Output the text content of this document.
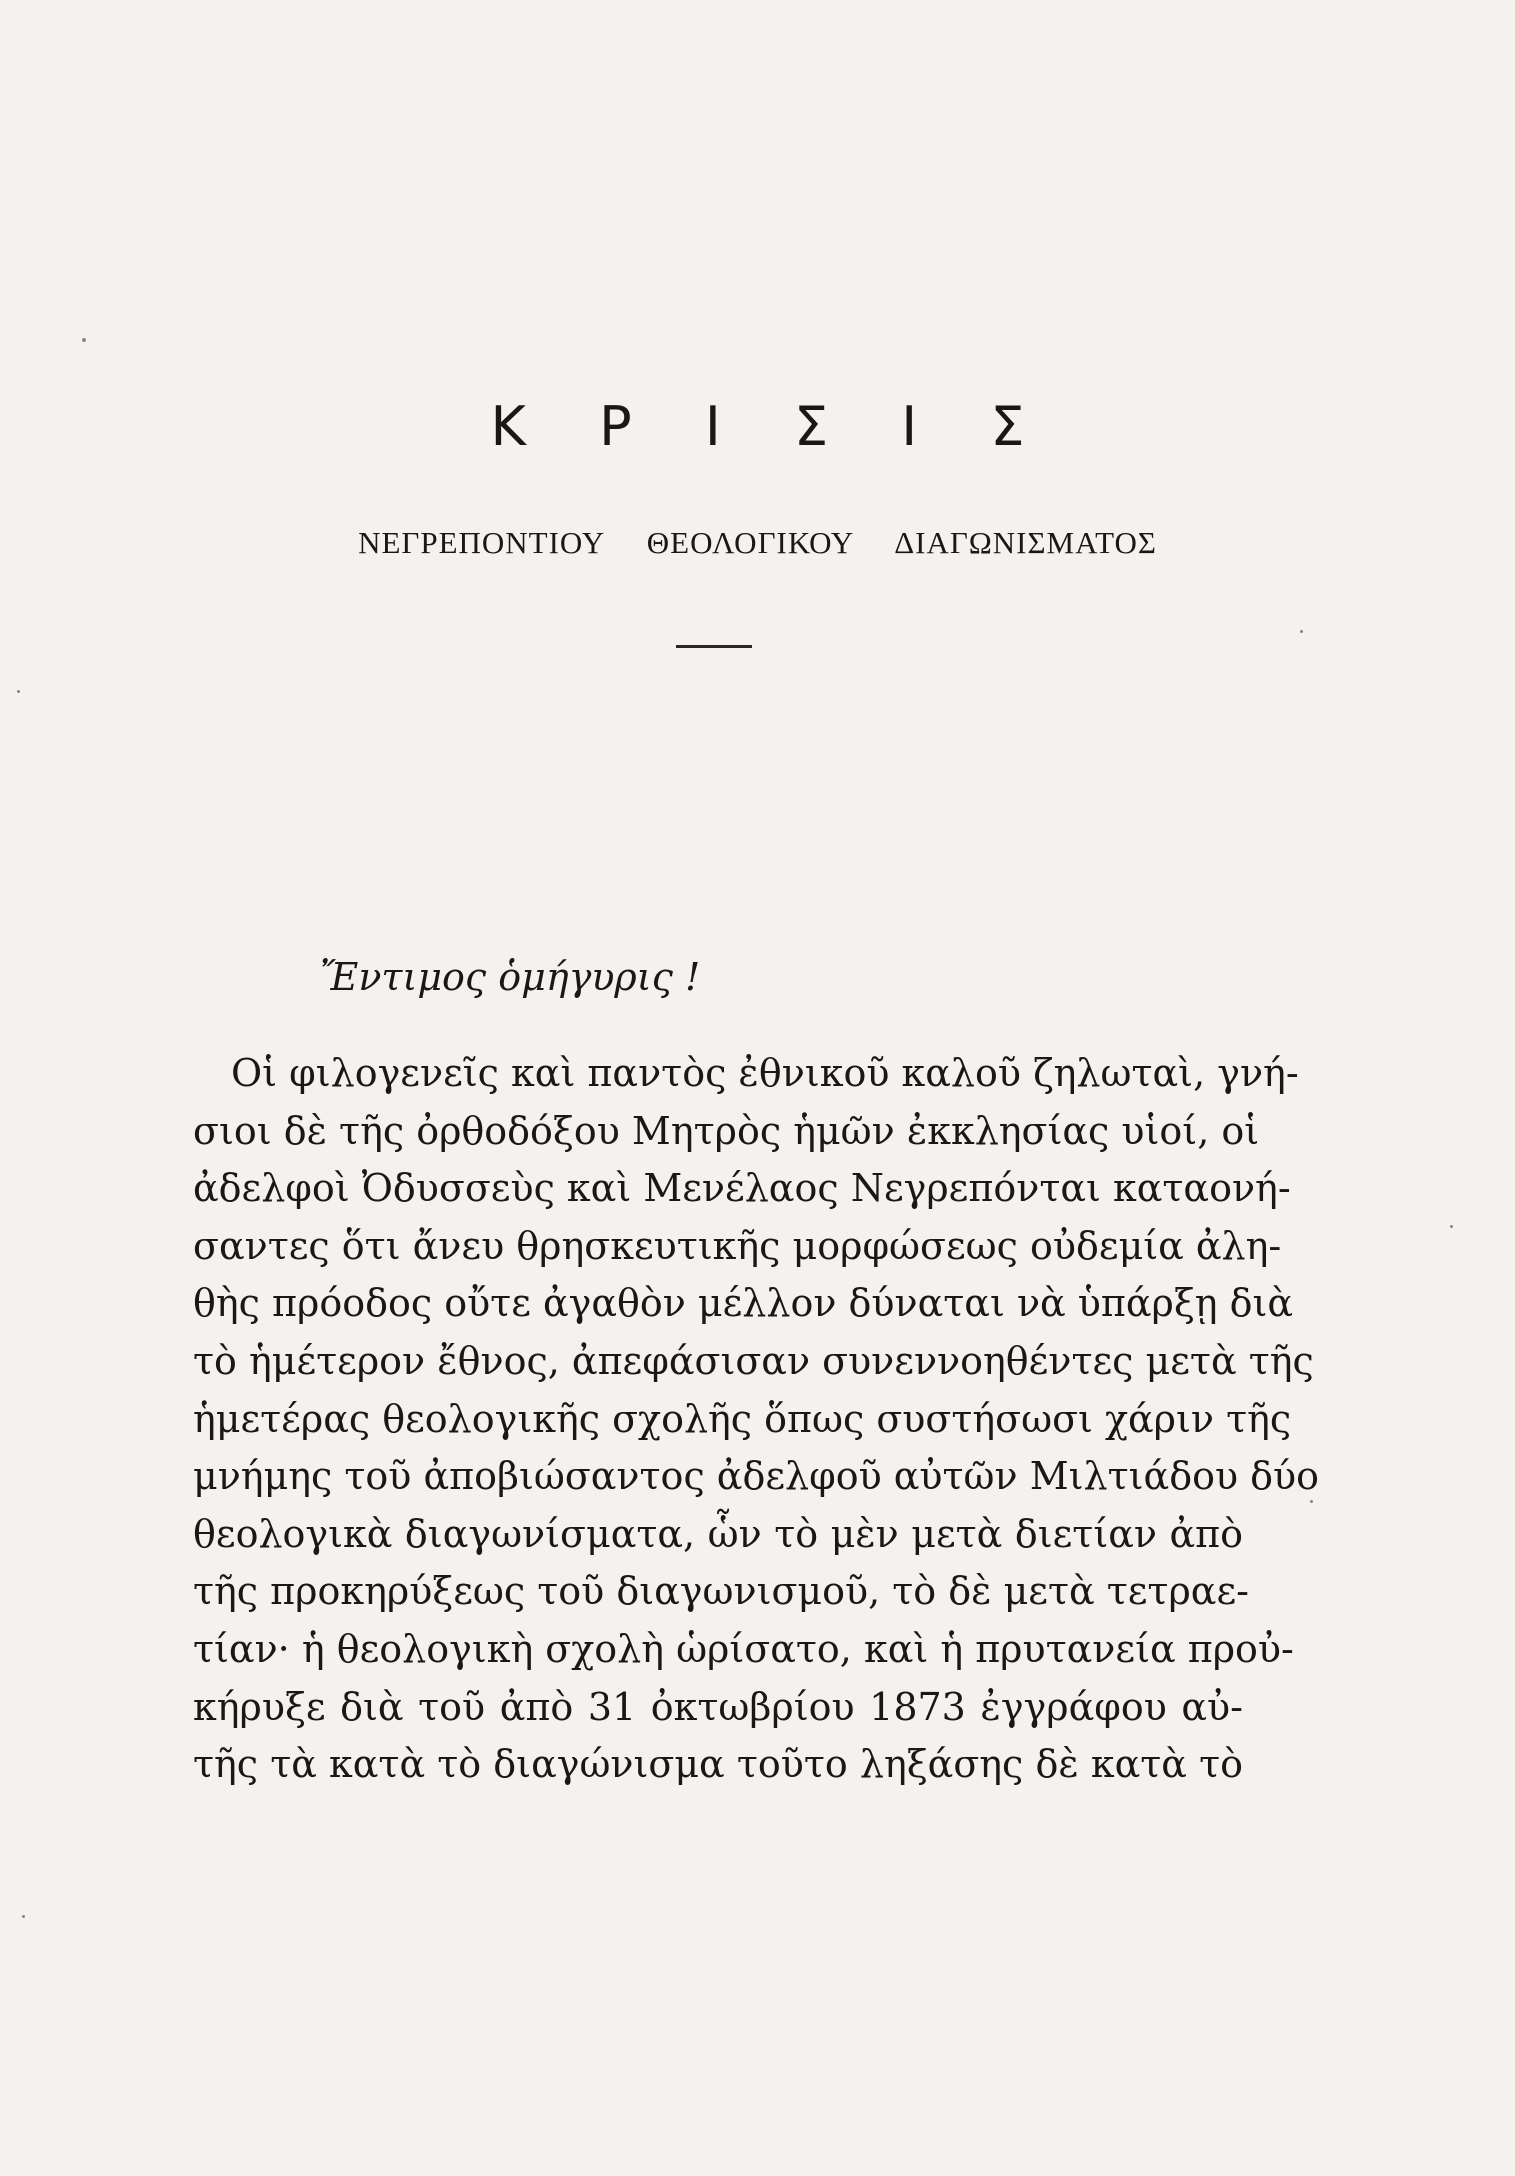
Κ Ρ Ι Σ Ι Σ
ΝΕΓΡΕΠΟΝΤΙΟΥ ΘΕΟΛΟΓΙΚΟΥ ΔΙΑΓΩΝΙΣΜΑΤΟΣ
Ἔντιμος ὁμήγυρις !
Οἱ φιλογενεῖς καὶ παντὸς ἐθνικοῦ καλοῦ ζηλωταὶ, γνή-
σιοι δὲ τῆς ὀρθοδόξου Μητρὸς ἡμῶν ἐκκλησίας υἱοί, οἱ
ἀδελφοὶ Ὀδυσσεὺς καὶ Μενέλαος Νεγρεπόνται καταονή-
σαντες ὅτι ἄνευ θρησκευτικῆς μορφώσεως οὐδεμία ἀλη-
θὴς πρόοδος οὔτε ἀγαθὸν μέλλον δύναται νὰ ὑπάρξῃ διὰ
τὸ ἡμέτερον ἔθνος, ἀπεφάσισαν συνεννοηθέντες μετὰ τῆς
ἡμετέρας θεολογικῆς σχολῆς ὅπως συστήσωσι χάριν τῆς
μνήμης τοῦ ἀποβιώσαντος ἀδελφοῦ αὐτῶν Μιλτιάδου δύο
θεολογικὰ διαγωνίσματα, ὧν τὸ μὲν μετὰ διετίαν ἀπὸ
τῆς προκηρύξεως τοῦ διαγωνισμοῦ, τὸ δὲ μετὰ τετραε-
τίαν· ἡ θεολογικὴ σχολὴ ὡρίσατο, καὶ ἡ πρυτανεία προὐ-
κήρυξε διὰ τοῦ ἀπὸ 31 ὀκτωβρίου 1873 ἐγγράφου αὐ-
τῆς τὰ κατὰ τὸ διαγώνισμα τοῦτο ληξάσης δὲ κατὰ τὸ
